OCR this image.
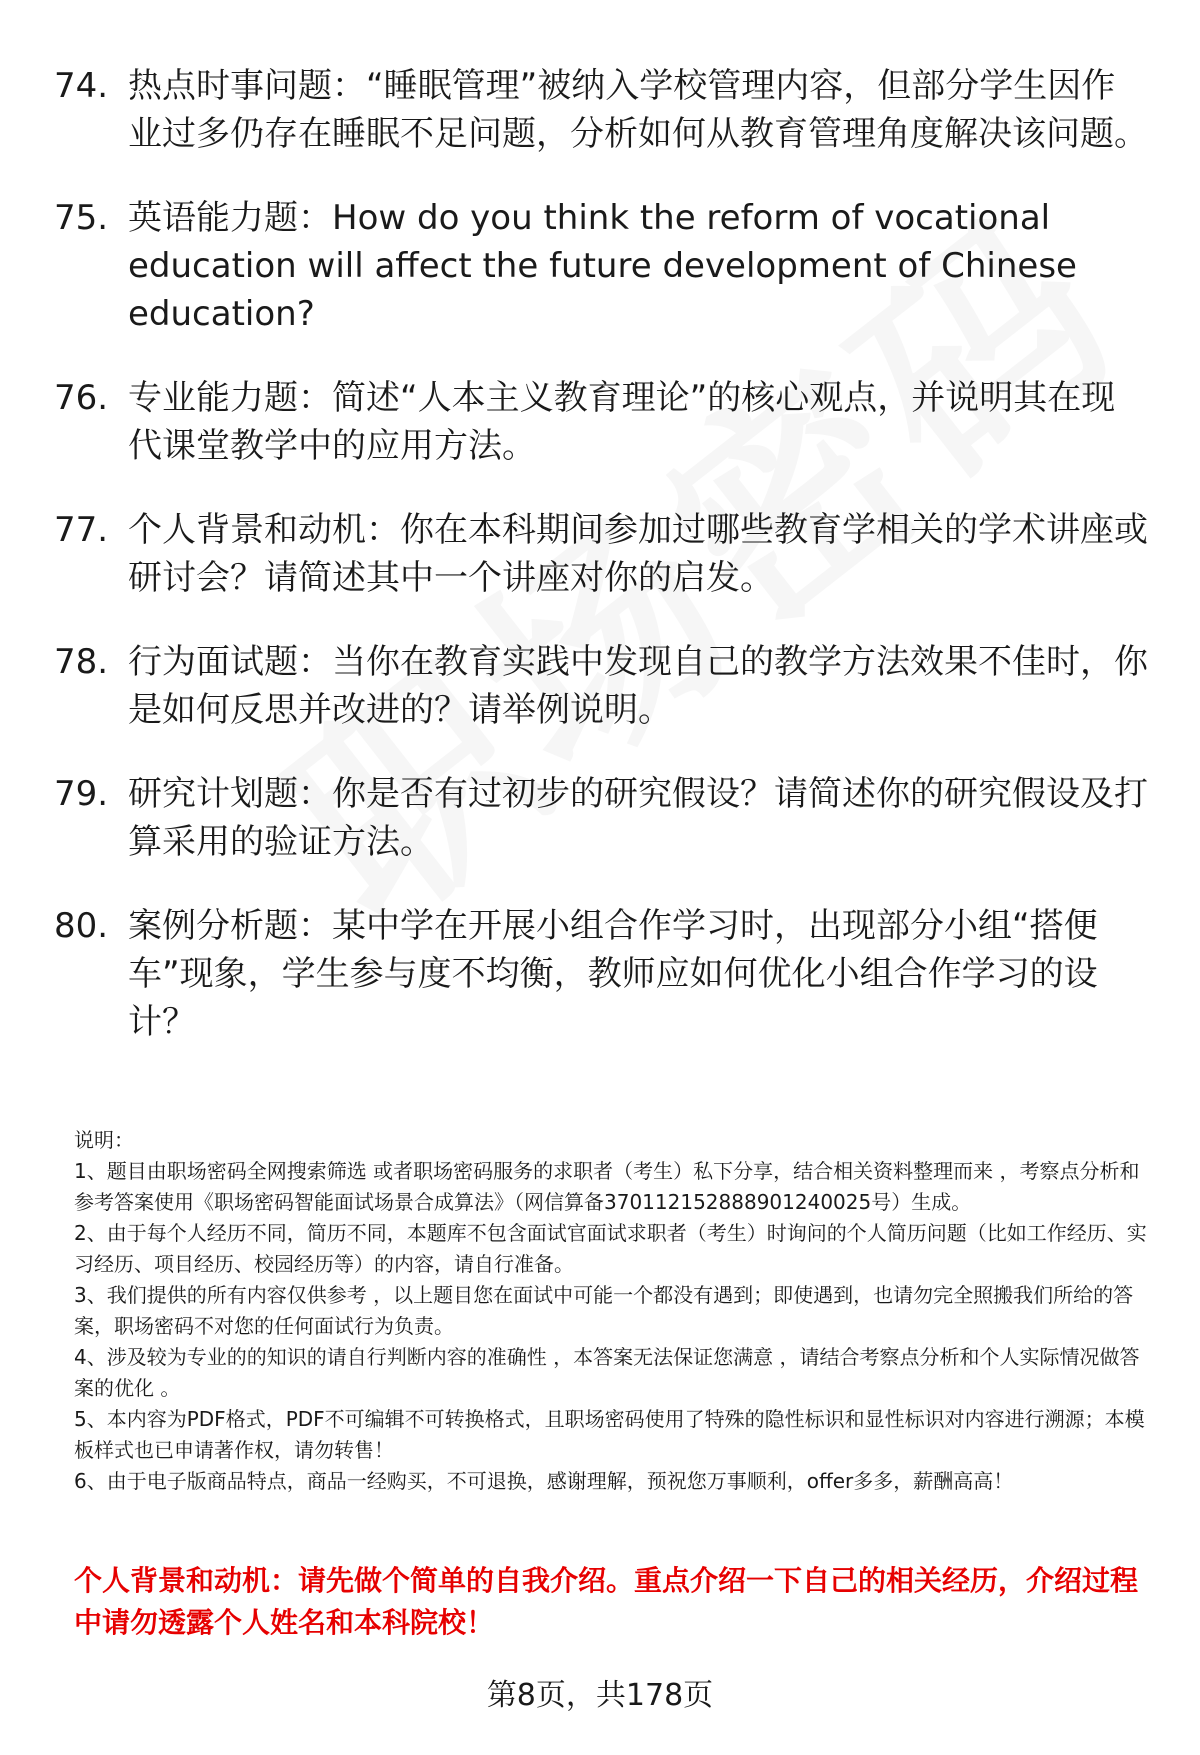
74. 热点时事问题：“睡眠管理”被纳入学校管理内容，但部分学生因作业过多仍存在睡眠不足问题，分析如何从教育管理角度解决该问题。
75. 英语能力题：How do you think the reform of vocational education will affect the future development of Chinese education?
76. 专业能力题：简述“人本主义教育理论”的核心观点，并说明其在现代课堂教学中的应用方法。
77. 个人背景和动机：你在本科期间参加过哪些教育学相关的学术讲座或研讨会？请简述其中一个讲座对你的启发。
78. 行为面试题：当你在教育实践中发现自己的教学方法效果不佳时，你是如何反思并改进的？请举例说明。
79. 研究计划题：你是否有过初步的研究假设？请简述你的研究假设及打算采用的验证方法。
80. 案例分析题：某中学在开展小组合作学习时，出现部分小组“搭便车”现象，学生参与度不均衡，教师应如何优化小组合作学习的设计？

说明：

1、题目由职场密码全网搜索筛选 或者职场密码服务的求职者（考生）私下分享，结合相关资料整理而来 ，考察点分析和参考答案使用《职场密码智能面试场景合成算法》（网信算备370112152888901240025号）生成。

2、由于每个人经历不同，简历不同，本题库不包含面试官面试求职者（考生）时询问的个人简历问题（比如工作经历、实习经历、项目经历、校园经历等）的内容，请自行准备。

3、我们提供的所有内容仅供参考 ，以上题目您在面试中可能一个都没有遇到；即使遇到，也请勿完全照搬我们所给的答案，职场密码不对您的任何面试行为负责。

4、涉及较为专业的的知识的请自行判断内容的准确性 ，本答案无法保证您满意 ，请结合考察点分析和个人实际情况做答案的优化 。

5、本内容为PDF格式，PDF不可编辑不可转换格式，且职场密码使用了特殊的隐性标识和显性标识对内容进行溯源；本模板样式也已申请著作权，请勿转售！

6、由于电子版商品特点，商品一经购买，不可退换，感谢理解，预祝您万事顺利，offer多多，薪酬高高！

个人背景和动机：请先做个简单的自我介绍。重点介绍一下自己的相关经历，介绍过程中请勿透露个人姓名和本科院校！
第8页，共178页
